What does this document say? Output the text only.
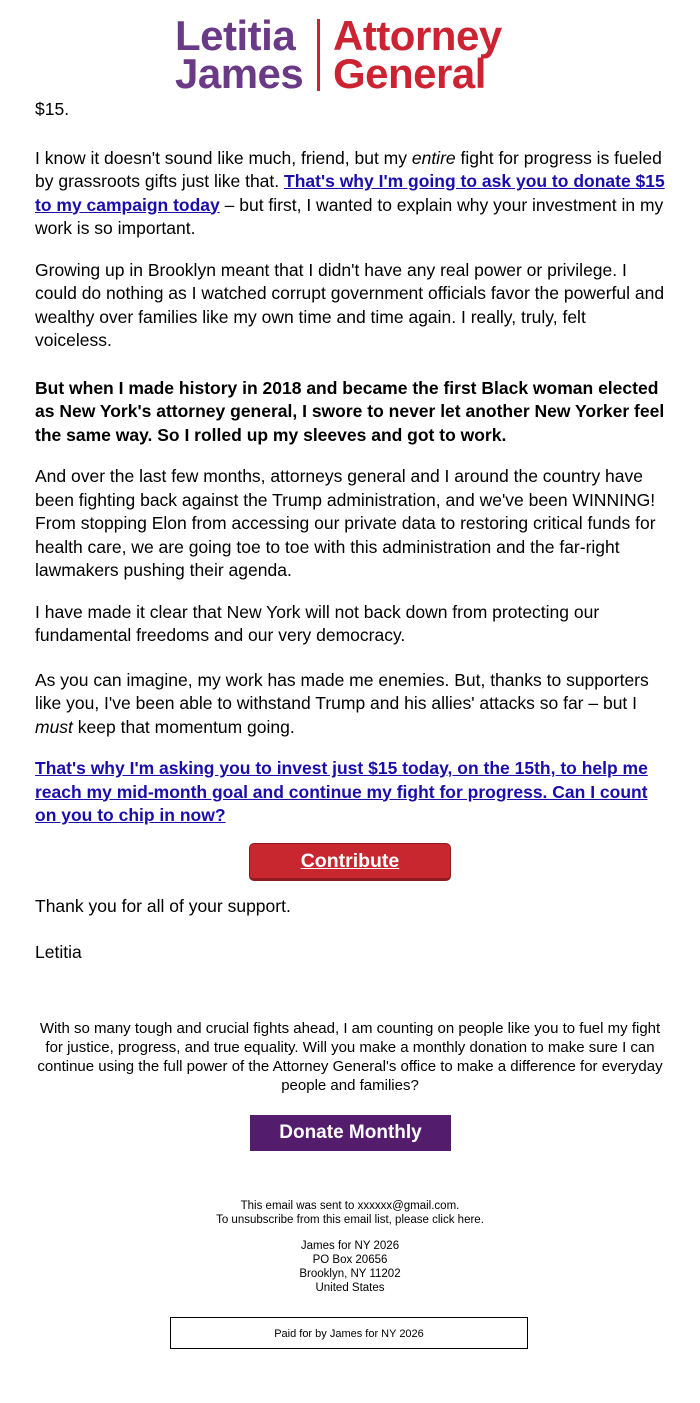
Letitia
James
Attorney
General

$15.

I know it doesn't sound like much, friend, but my entire fight for progress is fueled by grassroots gifts just like that. That's why I'm going to ask you to donate $15 to my campaign today – but first, I wanted to explain why your investment in my work is so important.

Growing up in Brooklyn meant that I didn't have any real power or privilege. I could do nothing as I watched corrupt government officials favor the powerful and wealthy over families like my own time and time again. I really, truly, felt voiceless.

But when I made history in 2018 and became the first Black woman elected as New York's attorney general, I swore to never let another New Yorker feel the same way. So I rolled up my sleeves and got to work.

And over the last few months, attorneys general and I around the country have been fighting back against the Trump administration, and we've been WINNING! From stopping Elon from accessing our private data to restoring critical funds for health care, we are going toe to toe with this administration and the far-right lawmakers pushing their agenda.

I have made it clear that New York will not back down from protecting our fundamental freedoms and our very democracy.

As you can imagine, my work has made me enemies. But, thanks to supporters like you, I've been able to withstand Trump and his allies' attacks so far – but I must keep that momentum going.

That's why I'm asking you to invest just $15 today, on the 15th, to help me reach my mid-month goal and continue my fight for progress. Can I count on you to chip in now?

Contribute
Thank you for all of your support.
Letitia
With so many tough and crucial fights ahead, I am counting on people like you to fuel my fight for justice, progress, and true equality. Will you make a monthly donation to make sure I can continue using the full power of the Attorney General's office to make a difference for everyday people and families?
Donate Monthly
This email was sent to xxxxxx@gmail.com.
To unsubscribe from this email list, please click here.
James for NY 2026
PO Box 20656
Brooklyn, NY 11202
United States
Paid for by James for NY 2026
